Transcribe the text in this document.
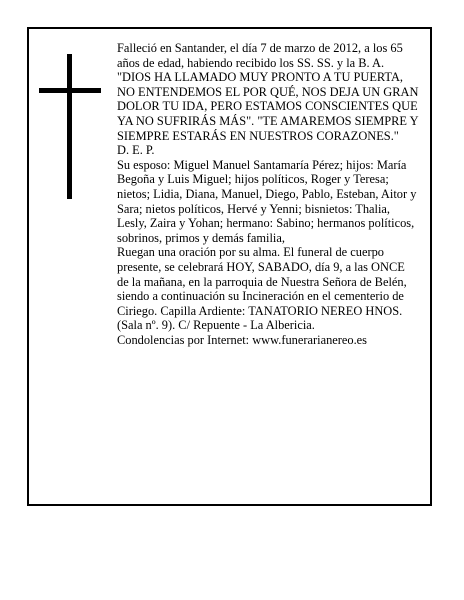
Falleció en Santander, el día 7 de marzo de 2012, a los 65 años de edad, habiendo recibido los SS. SS. y la B. A.

"DIOS HA LLAMADO MUY PRONTO A TU PUERTA, NO ENTENDEMOS EL POR QUÉ, NOS DEJA UN GRAN DOLOR TU IDA, PERO ESTAMOS CONSCIENTES QUE YA NO SUFRIRÁS MÁS". "TE AMAREMOS SIEMPRE Y SIEMPRE ESTARÁS EN NUESTROS CORAZONES."

D. E. P.

Su esposo: Miguel Manuel Santamaría Pérez; hijos: María Begoña y Luis Miguel; hijos políticos, Roger y Teresa; nietos; Lidia, Diana, Manuel, Diego, Pablo, Esteban, Aitor y Sara; nietos políticos, Hervé y Yenni; bisnietos: Thalia, Lesly, Zaira y Yohan; hermano: Sabino; hermanos políticos, sobrinos, primos y demás familia,

Ruegan una oración por su alma. El funeral de cuerpo presente, se celebrará HOY, SABADO, día 9, a las ONCE de la mañana, en la parroquia de Nuestra Señora de Belén, siendo a continuación su Incineración en el cementerio de Ciriego. Capilla Ardiente: TANATORIO NEREO HNOS. (Sala nº. 9). C/ Repuente - La Albericia.

Condolencias por Internet: www.funerarianereo.es
